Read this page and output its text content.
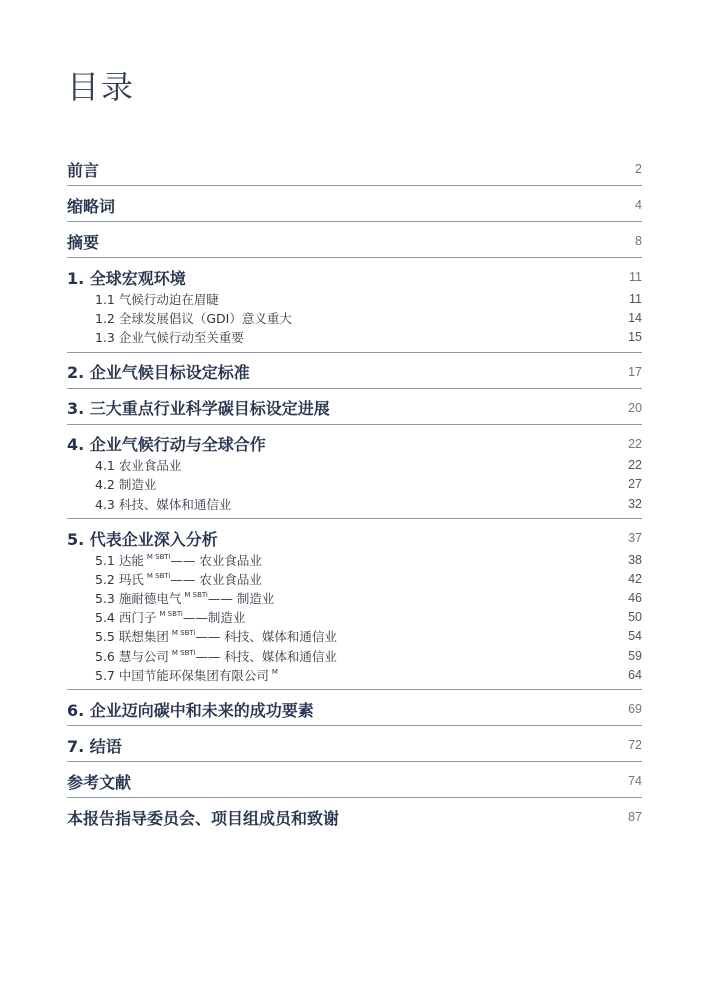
目录
前言	2
缩略词	4
摘要	8
1. 全球宏观环境	11
1.1 气候行动迫在眉睫	11
1.2 全球发展倡议（GDI）意义重大	14
1.3 企业气候行动至关重要	15
2. 企业气候目标设定标准	17
3. 三大重点行业科学碳目标设定进展	20
4. 企业气候行动与全球合作	22
4.1 农业食品业	22
4.2 制造业	27
4.3 科技、媒体和通信业	32
5. 代表企业深入分析	37
5.1 达能 $^{M SBTi}$—— 农业食品业	38
5.2 玛氏 $^{M SBTi}$—— 农业食品业	42
5.3 施耐德电气 $^{M SBTi}$—— 制造业	46
5.4 西门子 $^{M SBTi}$——制造业	50
5.5 联想集团 $^{M SBTi}$—— 科技、媒体和通信业	54
5.6 慧与公司 $^{M SBTi}$—— 科技、媒体和通信业	59
5.7 中国节能环保集团有限公司 $^M$	64
6. 企业迈向碳中和未来的成功要素	69
7. 结语	72
参考文献	74
本报告指导委员会、项目组成员和致谢	87
